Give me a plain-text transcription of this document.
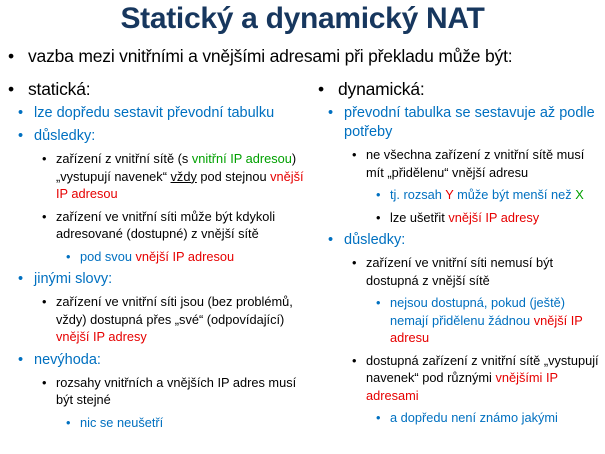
Statický a dynamický NAT
• vazba mezi vnitřními a vnějšími adresami při překladu může být:
• statická:
• lze dopředu sestavit převodní tabulku
• důsledky:
• zařízení z vnitřní sítě (s vnitřní IP adresou) „vystupují navenek“ vždy pod stejnou vnější IP adresou
• zařízení ve vnitřní síti může být kdykoli adresované (dostupné) z vnější sítě
• pod svou vnější IP adresou
• jinými slovy:
• zařízení ve vnitřní síti jsou (bez problémů, vždy) dostupná přes „své“ (odpovídající) vnější IP adresy
• nevýhoda:
• rozsahy vnitřních a vnějších IP adres musí být stejné
• nic se neušetří
• dynamická:
• převodní tabulka se sestavuje až podle potřeby
• ne všechna zařízení z vnitřní sítě musí mít „přidělenu“ vnější adresu
• tj. rozsah Y může být menší než X
• lze ušetřit vnější IP adresy
• důsledky:
• zařízení ve vnitřní síti nemusí být dostupná z vnější sítě
• nejsou dostupná, pokud (ještě) nemají přidělenu žádnou vnější IP adresu
• dostupná zařízení z vnitřní sítě „vystupují navenek“ pod různými vnějšími IP adresami
• a dopředu není známo jakými
